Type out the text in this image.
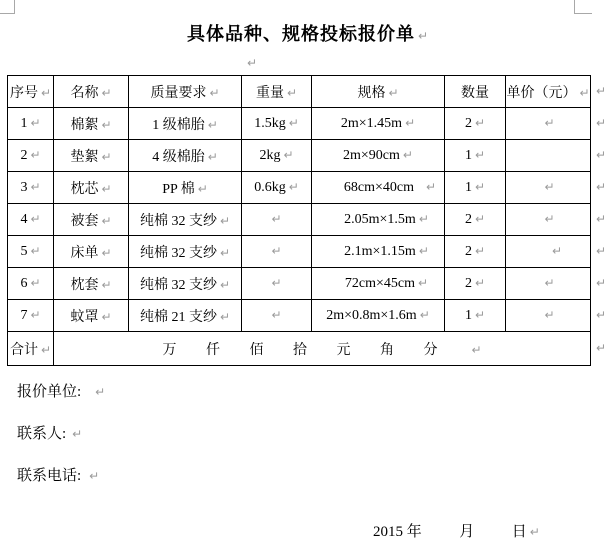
具体品种、规格投标报价单 ↵
↵
序号 ↵	名称 ↵	质量要求 ↵	重量 ↵	规格 ↵	数量	单价（元） ↵
1 ↵	棉絮 ↵	1 级棉胎 ↵	1.5kg ↵	2m×1.45m ↵	2 ↵	↵
2 ↵	垫絮 ↵	4 级棉胎 ↵	2kg ↵	2m×90cm ↵	1 ↵	
3 ↵	枕芯 ↵	PP 棉 ↵	0.6kg ↵	68cm×40cm ↵	1 ↵	↵
4 ↵	被套 ↵	纯棉 32 支纱 ↵	↵	2.05m×1.5m ↵	2 ↵	↵
5 ↵	床单 ↵	纯棉 32 支纱 ↵	↵	2.1m×1.15m ↵	2 ↵	↵
6 ↵	枕套 ↵	纯棉 32 支纱 ↵	↵	72cm×45cm ↵	2 ↵	↵
7 ↵	蚊罩 ↵	纯棉 21 支纱 ↵	↵	2m×0.8m×1.6m ↵	1 ↵	↵
合计 ↵	万 仟 佰 拾 元 角 分 ↵					
↵
↵
↵
↵
↵
↵
↵
↵
↵
报价单位: ↵
联系人: ↵
联系电话: ↵

2015 年          月          日 ↵
